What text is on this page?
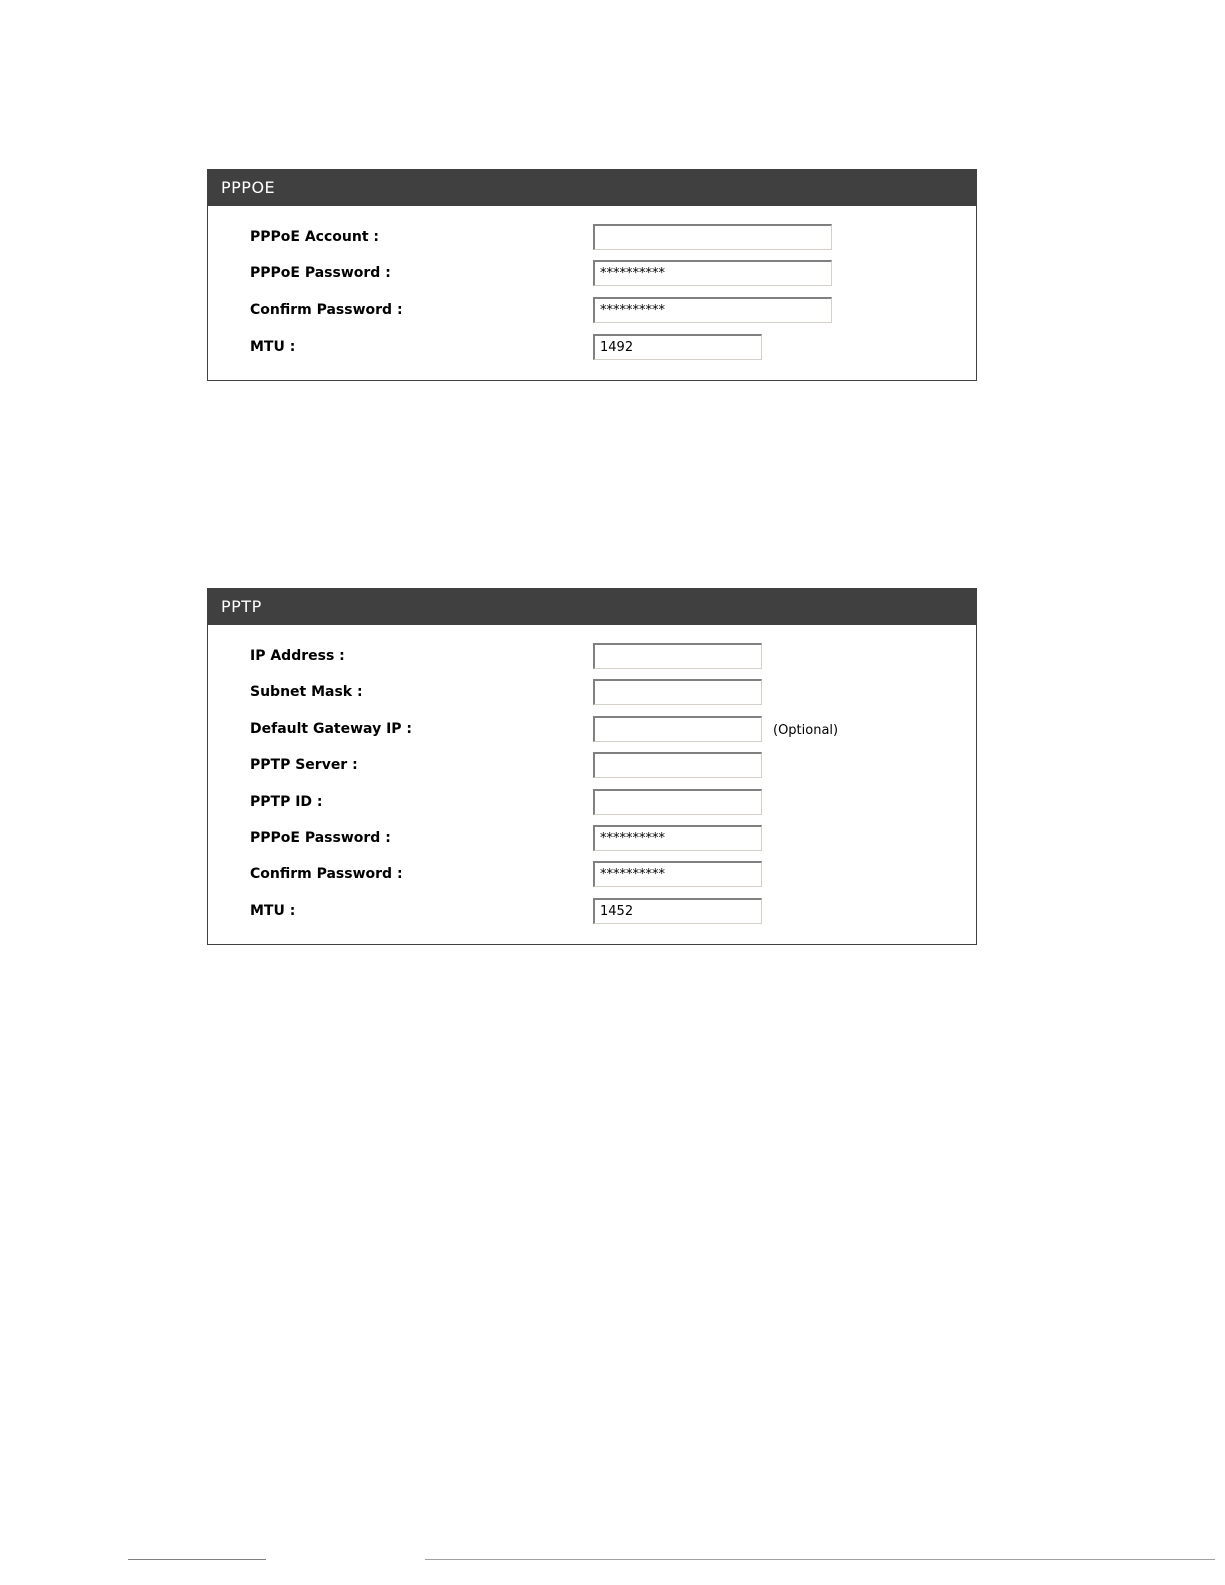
PPPOE
PPPoE Account :
PPPoE Password :
**********
Confirm Password :
**********
MTU :
1492
PPTP
IP Address :
Subnet Mask :
Default Gateway IP :	(Optional)
PPTP Server :
PPTP ID :
PPPoE Password :
**********
Confirm Password :
**********
MTU :
1452
